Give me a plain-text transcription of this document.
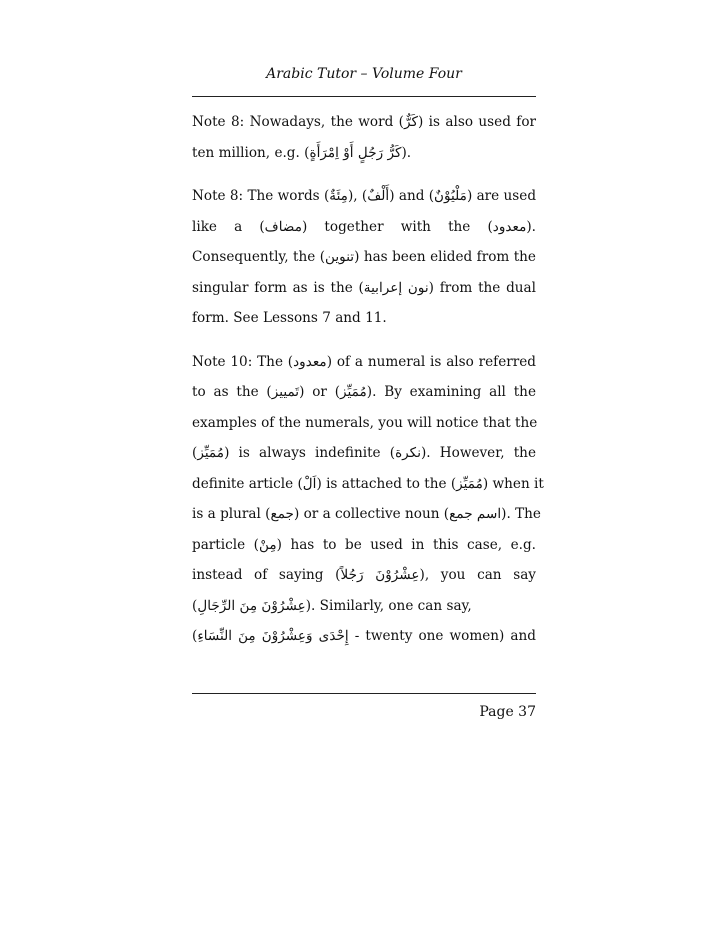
Arabic Tutor – Volume Four
Note 8: Nowadays, the word (كَرٌّ) is also used for
ten million, e.g. (كَرُّ رَجُلٍ أَوْ اِمْرَأَةٍ).
Note 8: The words (مِئَةٌ), (أَلْفٌ) and (مَلْيُوْنٌ) are used
like a (مضاف) together with the (معدود).
Consequently, the (تنوين) has been elided from the
singular form as is the (نون إعرابية) from the dual
form. See Lessons 7 and 11.
Note 10: The (معدود) of a numeral is also referred
to as the (تَمييز) or (مُمَيِّز). By examining all the
examples of the numerals, you will notice that the
(مُمَيِّز) is always indefinite (نكرة). However, the
definite article (اَلْ) is attached to the (مُمَيِّز) when it
is a plural (جمع) or a collective noun (اسم جمع). The
particle (مِنْ) has to be used in this case, e.g.
instead of saying (عِشْرُوْنَ رَجُلاً), you can say
(عِشْرُوْنَ مِنَ الرِّجَالِ). Similarly, one can say,
(إِحْدَى وَعِشْرُوْنَ مِنَ النِّسَاءِ - twenty one women) and
Page 37
